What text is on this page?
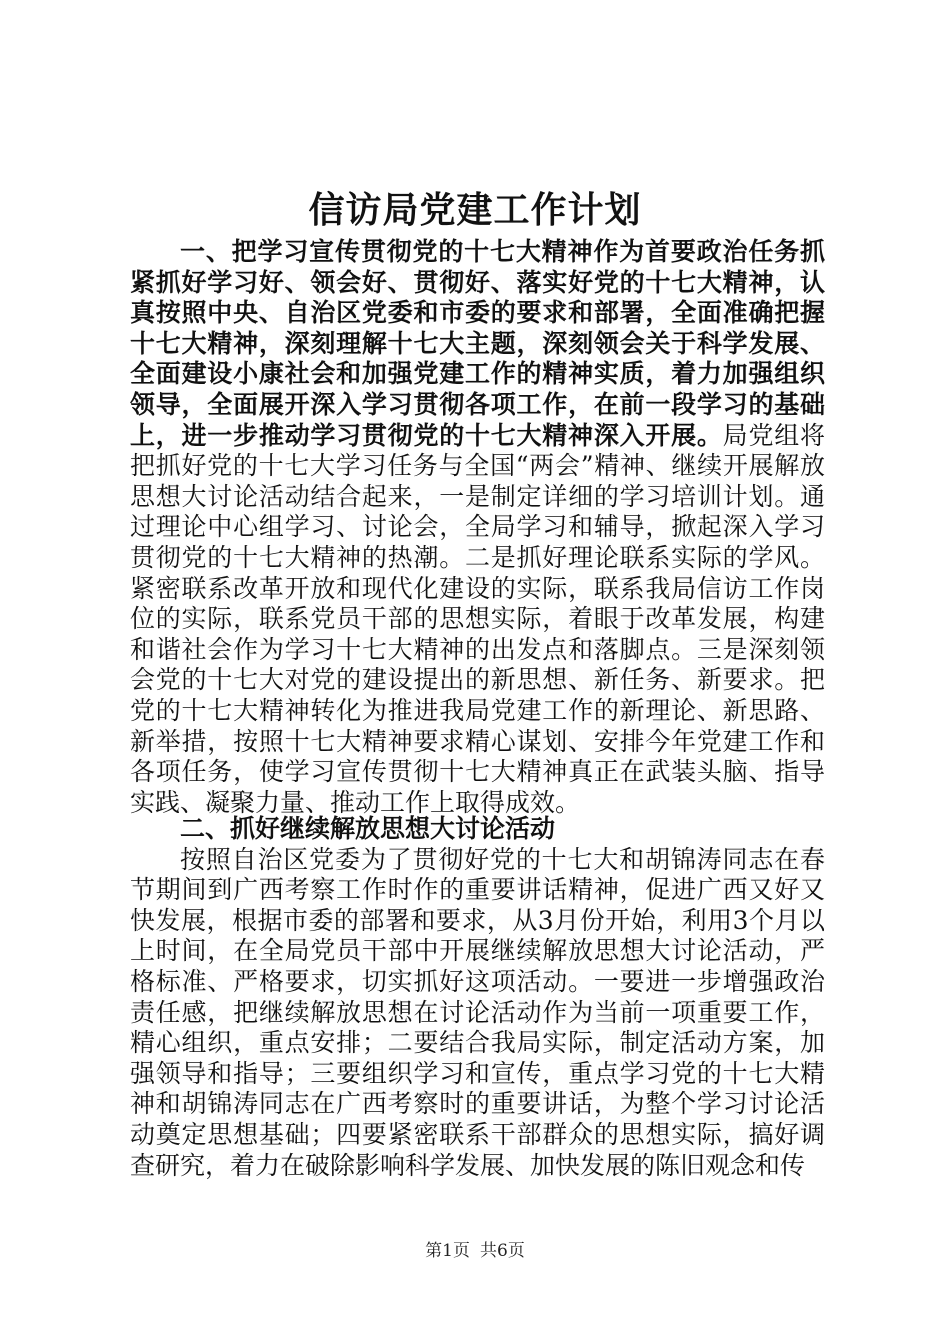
信访局党建工作计划

一、把学习宣传贯彻党的十七大精神作为首要政治任务抓紧抓好学习好、领会好、贯彻好、落实好党的十七大精神，认真按照中央、自治区党委和市委的要求和部署，全面准确把握十七大精神，深刻理解十七大主题，深刻领会关于科学发展、全面建设小康社会和加强党建工作的精神实质，着力加强组织领导，全面展开深入学习贯彻各项工作，在前一段学习的基础上，进一步推动学习贯彻党的十七大精神深入开展。局党组将把抓好党的十七大学习任务与全国“两会”精神、继续开展解放思想大讨论活动结合起来，一是制定详细的学习培训计划。通过理论中心组学习、讨论会，全局学习和辅导，掀起深入学习贯彻党的十七大精神的热潮。二是抓好理论联系实际的学风。紧密联系改革开放和现代化建设的实际，联系我局信访工作岗位的实际，联系党员干部的思想实际，着眼于改革发展，构建和谐社会作为学习十七大精神的出发点和落脚点。三是深刻领会党的十七大对党的建设提出的新思想、新任务、新要求。把党的十七大精神转化为推进我局党建工作的新理论、新思路、新举措，按照十七大精神要求精心谋划、安排今年党建工作和各项任务，使学习宣传贯彻十七大精神真正在武装头脑、指导实践、凝聚力量、推动工作上取得成效。

二、抓好继续解放思想大讨论活动

按照自治区党委为了贯彻好党的十七大和胡锦涛同志在春节期间到广西考察工作时作的重要讲话精神，促进广西又好又快发展，根据市委的部署和要求，从3月份开始，利用3个月以上时间，在全局党员干部中开展继续解放思想大讨论活动，严格标准、严格要求，切实抓好这项活动。一要进一步增强政治责任感，把继续解放思想在讨论活动作为当前一项重要工作，精心组织，重点安排；二要结合我局实际，制定活动方案，加强领导和指导；三要组织学习和宣传，重点学习党的十七大精神和胡锦涛同志在广西考察时的重要讲话，为整个学习讨论活动奠定思想基础；四要紧密联系干部群众的思想实际，搞好调查研究，着力在破除影响科学发展、加快发展的陈旧观念和传

第1页 共6页
